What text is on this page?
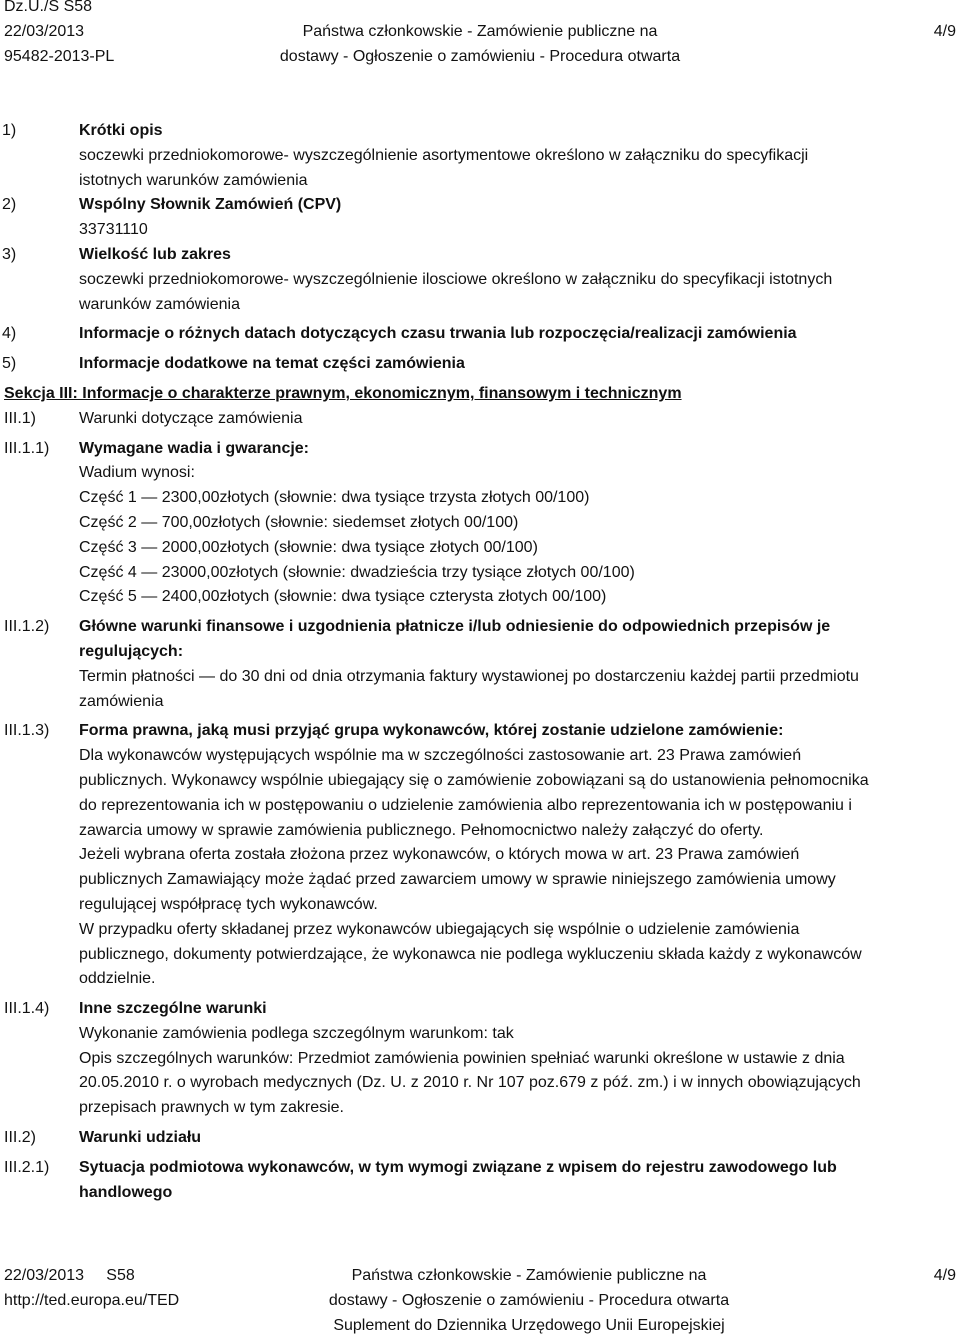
Dz.U./S S58
22/03/2013
95482-2013-PL
Państwa członkowskie - Zamówienie publiczne na
dostawy - Ogłoszenie o zamówieniu - Procedura otwarta
4/9
1)	Krótki opis
soczewki przedniokomorowe- wyszczególnienie asortymentowe określono w załączniku do specyfikacji
istotnych warunków zamówienia
2)	Wspólny Słownik Zamówień (CPV)
33731110
3)	Wielkość lub zakres
soczewki przedniokomorowe- wyszczególnienie ilosciowe określono w załączniku do specyfikacji istotnych
warunków zamówienia
4)	Informacje o różnych datach dotyczących czasu trwania lub rozpoczęcia/realizacji zamówienia
5)	Informacje dodatkowe na temat części zamówienia
Sekcja III: Informacje o charakterze prawnym, ekonomicznym, finansowym i technicznym
III.1)	Warunki dotyczące zamówienia
III.1.1)	Wymagane wadia i gwarancje:
Wadium wynosi:
Część 1 — 2300,00złotych (słownie: dwa tysiące trzysta złotych 00/100)
Część 2 — 700,00złotych (słownie: siedemset złotych 00/100)
Część 3 — 2000,00złotych (słownie: dwa tysiące złotych 00/100)
Część 4 — 23000,00złotych (słownie: dwadzieścia trzy tysiące złotych 00/100)
Część 5 — 2400,00złotych (słownie: dwa tysiące czterysta złotych 00/100)
III.1.2)	Główne warunki finansowe i uzgodnienia płatnicze i/lub odniesienie do odpowiednich przepisów je
regulujących:
Termin płatności — do 30 dni od dnia otrzymania faktury wystawionej po dostarczeniu każdej partii przedmiotu
zamówienia
III.1.3)	Forma prawna, jaką musi przyjąć grupa wykonawców, której zostanie udzielone zamówienie:
Dla wykonawców występujących wspólnie ma w szczególności zastosowanie art. 23 Prawa zamówień
publicznych. Wykonawcy wspólnie ubiegający się o zamówienie zobowiązani są do ustanowienia pełnomocnika
do reprezentowania ich w postępowaniu o udzielenie zamówienia albo reprezentowania ich w postępowaniu i
zawarcia umowy w sprawie zamówienia publicznego. Pełnomocnictwo należy załączyć do oferty.
Jeżeli wybrana oferta została złożona przez wykonawców, o których mowa w art. 23 Prawa zamówień
publicznych Zamawiający może żądać przed zawarciem umowy w sprawie niniejszego zamówienia umowy
regulującej współpracę tych wykonawców.
W przypadku oferty składanej przez wykonawców ubiegających się wspólnie o udzielenie zamówienia
publicznego, dokumenty potwierdzające, że wykonawca nie podlega wykluczeniu składa każdy z wykonawców
oddzielnie.
III.1.4)	Inne szczególne warunki
Wykonanie zamówienia podlega szczególnym warunkom: tak
Opis szczególnych warunków: Przedmiot zamówienia powinien spełniać warunki określone w ustawie z dnia
20.05.2010 r. o wyrobach medycznych (Dz. U. z 2010 r. Nr 107 poz.679 z póź. zm.) i w innych obowiązujących
przepisach prawnych w tym zakresie.
III.2)	Warunki udziału
III.2.1)	Sytuacja podmiotowa wykonawców, w tym wymogi związane z wpisem do rejestru zawodowego lub
handlowego
22/03/2013     S58
http://ted.europa.eu/TED
Państwa członkowskie - Zamówienie publiczne na
dostawy - Ogłoszenie o zamówieniu - Procedura otwarta
Suplement do Dziennika Urzędowego Unii Europejskiej
4/9
